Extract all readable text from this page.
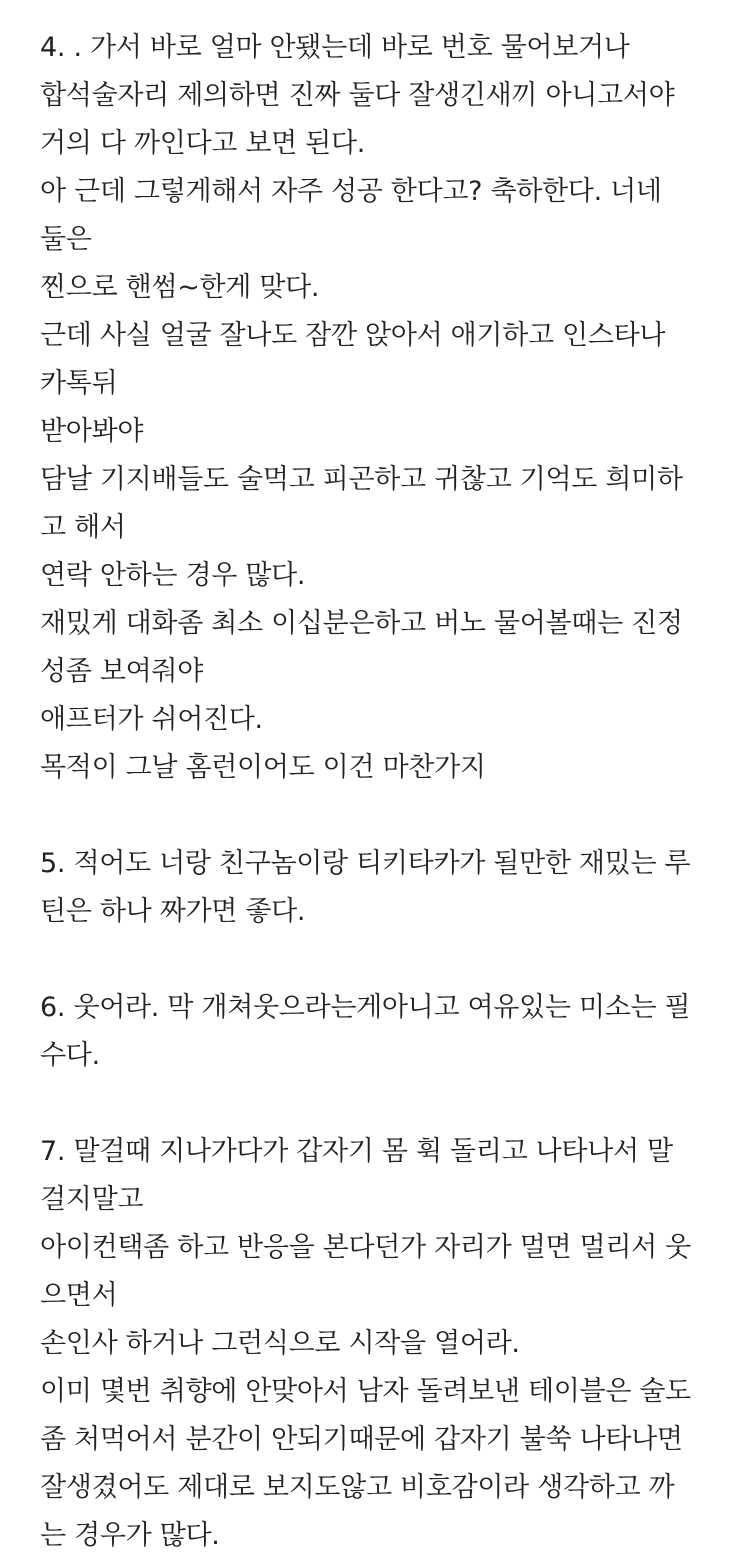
4. . 가서 바로 얼마 안됐는데 바로 번호 물어보거나
합석술자리 제의하면 진짜 둘다 잘생긴새끼 아니고서야
거의 다 까인다고 보면 된다.
아 근데 그렇게해서 자주 성공 한다고? 축하한다. 너네
둘은
찐으로 핸썸~한게 맞다.
근데 사실 얼굴 잘나도 잠깐 앉아서 애기하고 인스타나
카톡뒤
받아봐야
담날 기지배들도 술먹고 피곤하고 귀찮고 기억도 희미하
고 해서
연락 안하는 경우 많다.
재밌게 대화좀 최소 이십분은하고 버노 물어볼때는 진정
성좀 보여줘야
애프터가 쉬어진다.
목적이 그날 홈런이어도 이건 마찬가지
5. 적어도 너랑 친구놈이랑 티키타카가 될만한 재밌는 루
틴은 하나 짜가면 좋다.
6. 웃어라. 막 개쳐웃으라는게아니고 여유있는 미소는 필
수다.
7. 말걸때 지나가다가 갑자기 몸 휙 돌리고 나타나서 말
걸지말고
아이컨택좀 하고 반응을 본다던가 자리가 멀면 멀리서 웃
으면서
손인사 하거나 그런식으로 시작을 열어라.
이미 몇번 취향에 안맞아서 남자 돌려보낸 테이블은 술도
좀 처먹어서 분간이 안되기때문에 갑자기 불쑥 나타나면
잘생겼어도 제대로 보지도않고 비호감이라 생각하고 까
는 경우가 많다.
